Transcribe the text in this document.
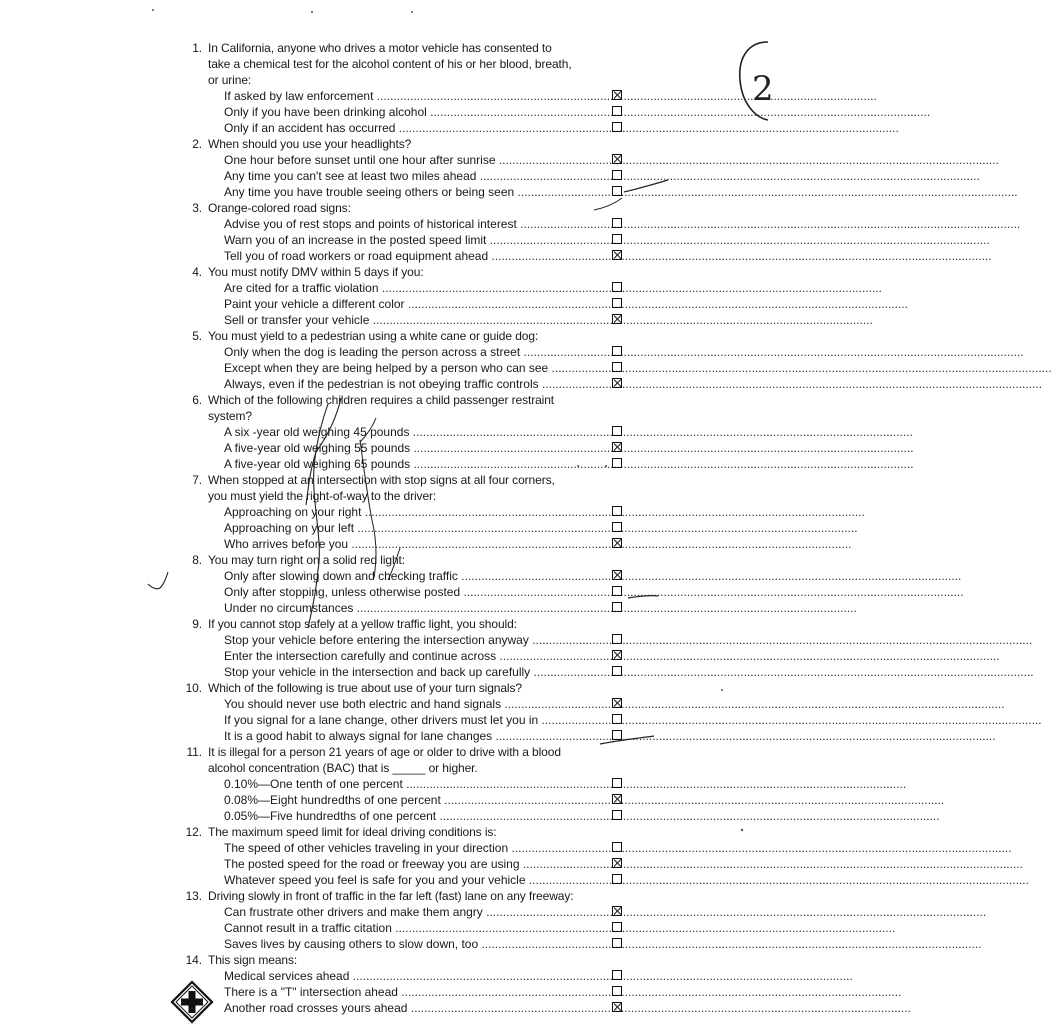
1. In California, anyone who drives a motor vehicle has consented to
take a chemical test for the alcohol content of his or her blood, breath,
or urine:
If asked by law enforcement .....
Only if you have been drinking alcohol .....
Only if an accident has occurred .....
2. When should you use your headlights?
One hour before sunset until one hour after sunrise .....
Any time you can't see at least two miles ahead .....
Any time you have trouble seeing others or being seen .....
3. Orange-colored road signs:
Advise you of rest stops and points of historical interest .....
Warn you of an increase in the posted speed limit .....
Tell you of road workers or road equipment ahead .....
4. You must notify DMV within 5 days if you:
Are cited for a traffic violation .....
Paint your vehicle a different color .....
Sell or transfer your vehicle .....
5. You must yield to a pedestrian using a white cane or guide dog:
Only when the dog is leading the person across a street .....
Except when they are being helped by a person who can see .....
Always, even if the pedestrian is not obeying traffic controls .....
6. Which of the following children requires a child passenger restraint
system?
A six -year old weighing 45 pounds .....
A five-year old weighing 55 pounds .....
A five-year old weighing 65 pounds .....
7. When stopped at an intersection with stop signs at all four corners,
you must yield the right-of-way to the driver:
Approaching on your right .....
Approaching on your left .....
Who arrives before you .....
8. You may turn right on a solid red light:
Only after slowing down and checking traffic .....
Only after stopping, unless otherwise posted .....
Under no circumstances .....
9. If you cannot stop safely at a yellow traffic light, you should:
Stop your vehicle before entering the intersection anyway .....
Enter the intersection carefully and continue across .....
Stop your vehicle in the intersection and back up carefully .....
10. Which of the following is true about use of your turn signals?
You should never use both electric and hand signals .....
If you signal for a lane change, other drivers must let you in .....
It is a good habit to always signal for lane changes .....
11. It is illegal for a person 21 years of age or older to drive with a blood
alcohol concentration (BAC) that is _____ or higher.
0.10%—One tenth of one percent .....
0.08%—Eight hundredths of one percent .....
0.05%—Five hundredths of one percent .....
12. The maximum speed limit for ideal driving conditions is:
The speed of other vehicles traveling in your direction .....
The posted speed for the road or freeway you are using .....
Whatever speed you feel is safe for you and your vehicle .....
13. Driving slowly in front of traffic in the far left (fast) lane on any freeway:
Can frustrate other drivers and make them angry .....
Cannot result in a traffic citation .....
Saves lives by causing others to slow down, too .....
14. This sign means:
Medical services ahead .....
There is a "T" intersection ahead .....
Another road crosses yours ahead .....
2
